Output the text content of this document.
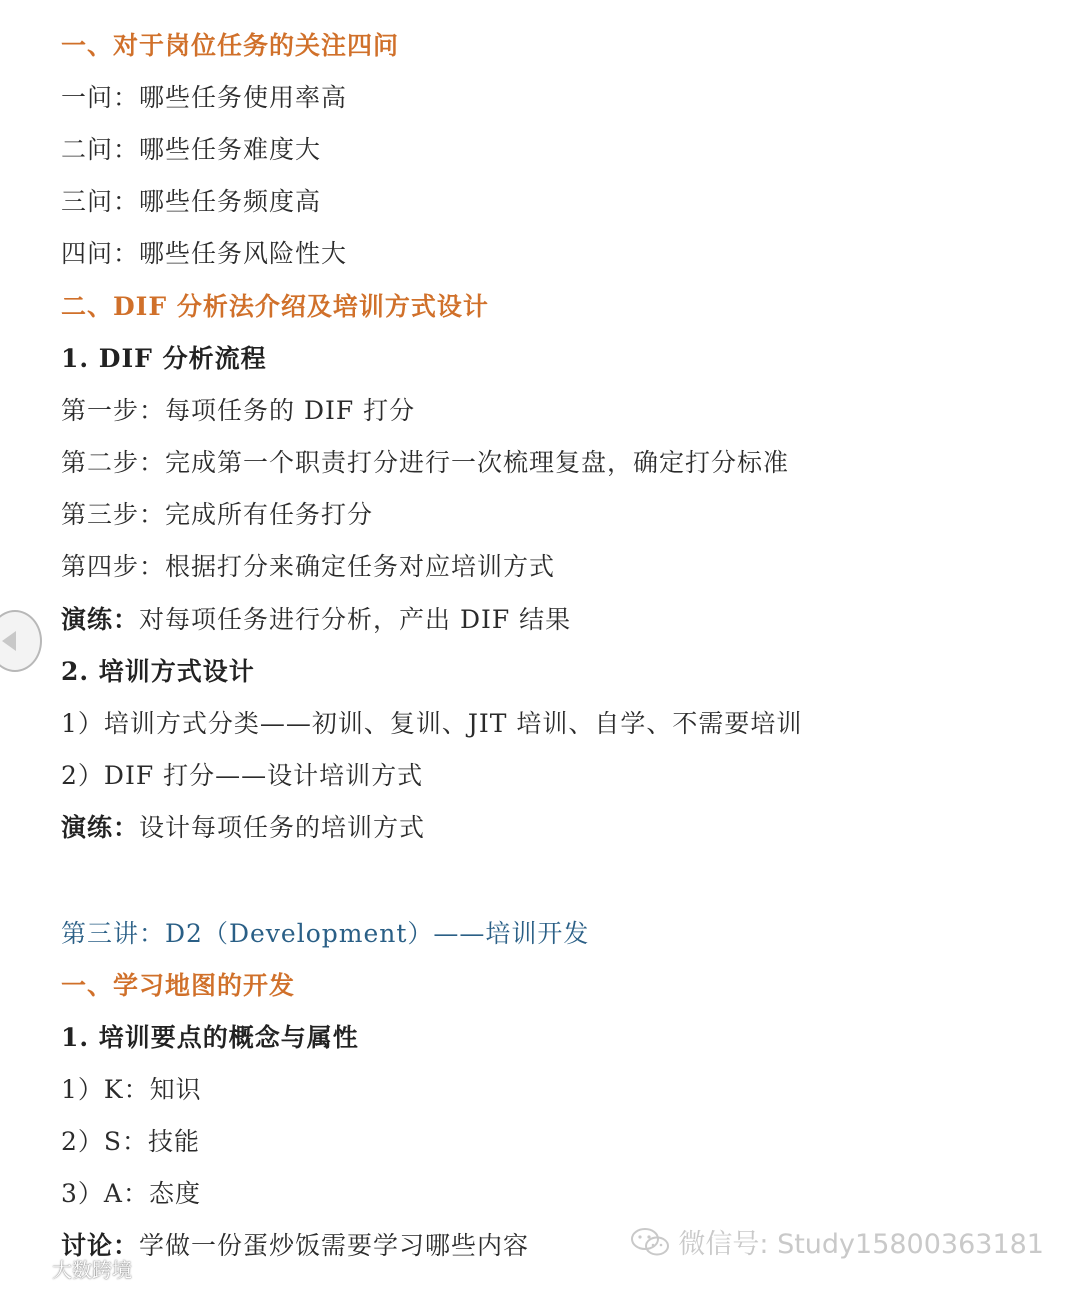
一、对于岗位任务的关注四问
一问：哪些任务使用率高
二问：哪些任务难度大
三问：哪些任务频度高
四问：哪些任务风险性大
二、DIF 分析法介绍及培训方式设计
1. DIF 分析流程
第一步：每项任务的 DIF 打分
第二步：完成第一个职责打分进行一次梳理复盘，确定打分标准
第三步：完成所有任务打分
第四步：根据打分来确定任务对应培训方式
演练：对每项任务进行分析，产出 DIF 结果
2. 培训方式设计
1）培训方式分类——初训、复训、JIT 培训、自学、不需要培训
2）DIF 打分——设计培训方式
演练：设计每项任务的培训方式
第三讲：D2（Development）——培训开发
一、学习地图的开发
1. 培训要点的概念与属性
1）K：知识
2）S：技能
3）A：态度
讨论：学做一份蛋炒饭需要学习哪些内容	微信号: Study15800363181
大数跨境
